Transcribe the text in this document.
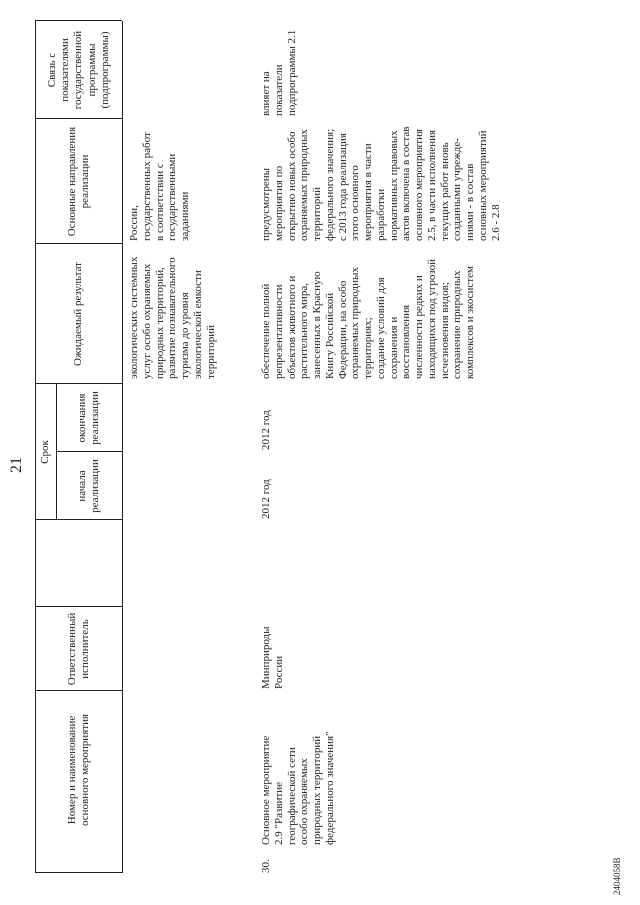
21
Номер и наименование основного мероприятия
Ответственный исполнитель
Срок
начала реализации
окончания реализации
Ожидаемый результат
Основные направления реализации
Связь с показателями государственной программы (подпрограммы)
экологических системных
услуг особо охраняемых
природных территорий,
развитие познавательного
туризма до уровня
экологической емкости
территорий
России,
государственных работ
в соответствии с
государственными
заданиями
30.
Основное мероприятие
2.9 "Развитие
географической сети
особо охраняемых
природных территорий
федерального значения"
Минприроды
России
2012 год
2012 год
обеспечение полной
репрезентативности
объектов животного и
растительного мира,
занесенных в Красную
Книгу Российской
Федерации, на особо
охраняемых природных
территориях;
создание условий для
сохранения и
восстановления
численности редких и
находящихся под угрозой
исчезновения видов;
сохранение природных
комплексов и экосистем
предусмотрены
мероприятия по
открытию новых особо
охраняемых природных
территорий
федерального значения;
с 2013 года реализация
этого основного
мероприятия в части
разработки
нормативных правовых
актов включена в состав
основного мероприятия
2.5, в части исполнения
текущих работ вновь
созданными учрежде-
ниями - в состав
основных мероприятий
2.6 - 2.8
влияет на
показатели
подпрограммы 2.1
2404058В
